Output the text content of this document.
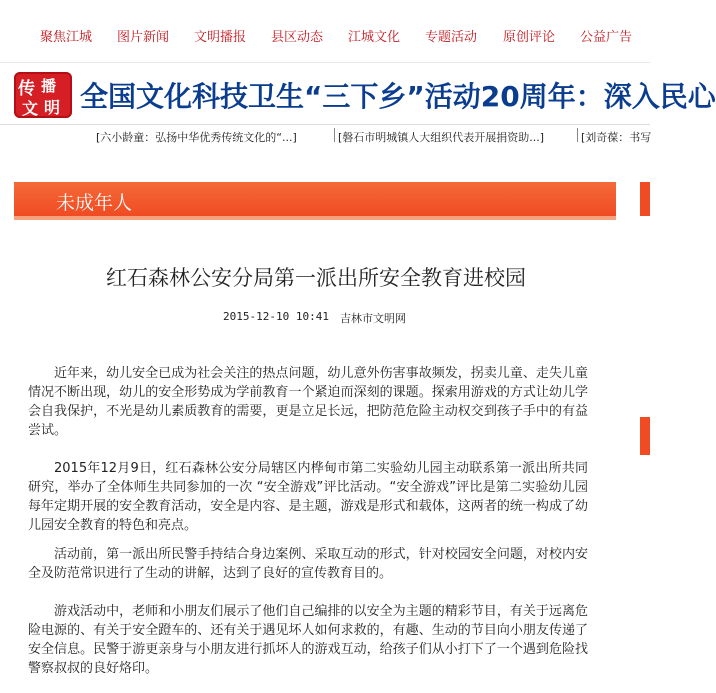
聚焦江城 图片新闻 文明播报 县区动态 江城文化 专题活动 原创评论 公益广告
传 播
文 明 全国文化科技卫生“三下乡”活动20周年：深入民心
[六小龄童：弘扬中华优秀传统文化的“...]	[磐石市明城镇人大组织代表开展捐资助...]	[刘奇葆：书写
未成年人
红石森林公安分局第一派出所安全教育进校园
2015-12-10 10:41 吉林市文明网
近年来，幼儿安全已成为社会关注的热点问题，幼儿意外伤害事故频发，拐卖儿童、走失儿童情况不断出现，幼儿的安全形势成为学前教育一个紧迫而深刻的课题。探索用游戏的方式让幼儿学会自我保护，不光是幼儿素质教育的需要，更是立足长远，把防范危险主动权交到孩子手中的有益尝试。
2015年12月9日，红石森林公安分局辖区内桦甸市第二实验幼儿园主动联系第一派出所共同研究，举办了全体师生共同参加的一次 “安全游戏”评比活动。“安全游戏”评比是第二实验幼儿园每年定期开展的安全教育活动，安全是内容、是主题，游戏是形式和载体，这两者的统一构成了幼儿园安全教育的特色和亮点。
活动前，第一派出所民警手持结合身边案例、采取互动的形式，针对校园安全问题，对校内安全及防范常识进行了生动的讲解，达到了良好的宣传教育目的。
游戏活动中，老师和小朋友们展示了他们自己编排的以安全为主题的精彩节目，有关于远离危险电源的、有关于安全蹬车的、还有关于遇见坏人如何求救的，有趣、生动的节目向小朋友传递了安全信息。民警于游更亲身与小朋友进行抓坏人的游戏互动，给孩子们从小打下了一个遇到危险找警察叔叔的良好烙印。
